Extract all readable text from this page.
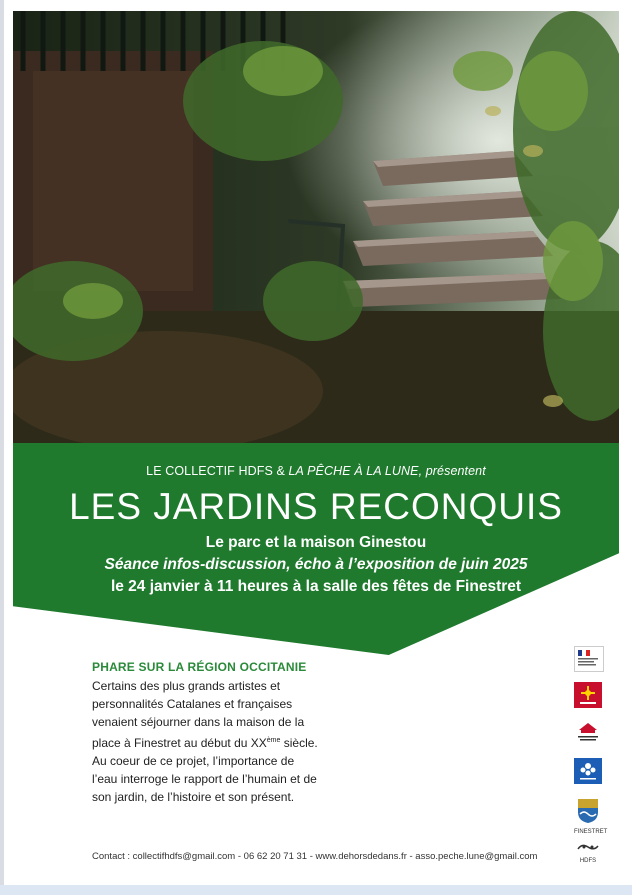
LE COLLECTIF HDFS & LA PÊCHE À LA LUNE, présentent
LES JARDINS RECONQUIS

Le parc et la maison Ginestou

Séance infos-discussion, écho à l’exposition de juin 2025

le 24 janvier à 11 heures à la salle des fêtes de Finestret

PHARE SUR LA RÉGION OCCITANIE
Certains des plus grands artistes et personnalités Catalanes et françaises venaient séjourner dans la maison de la place à Finestret au début du XXème siècle. Au coeur de ce projet, l’importance de l’eau interroge le rapport de l’humain et de son jardin, de l’histoire et son présent.
FINESTRET
HDFS
Contact : collectifhdfs@gmail.com - 06 62 20 71 31 - www.dehorsdedans.fr - asso.peche.lune@gmail.com
